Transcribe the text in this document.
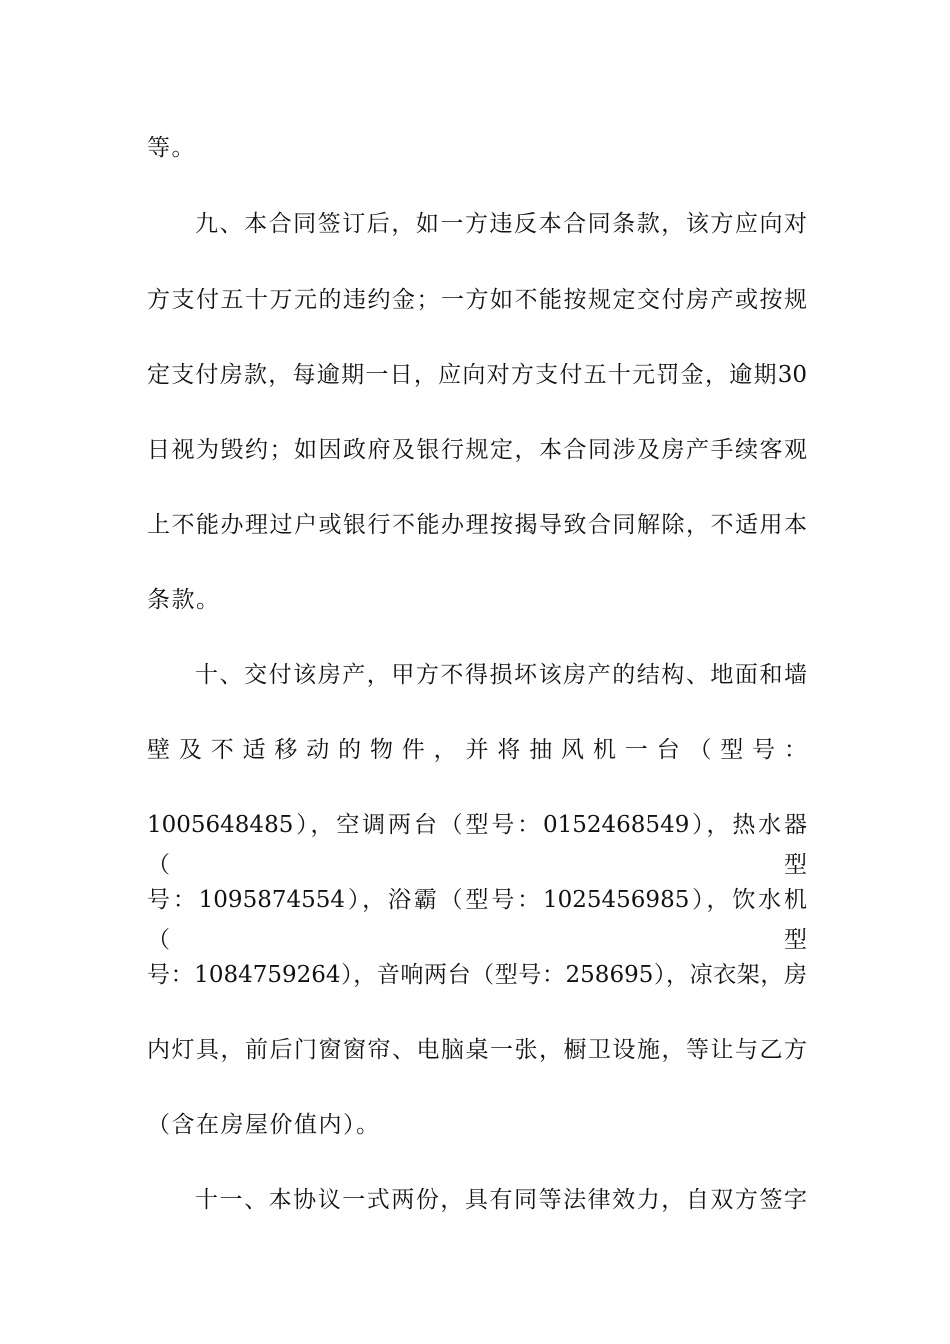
等。
九、本合同签订后，如一方违反本合同条款，该方应向对
方支付五十万元的违约金；一方如不能按规定交付房产或按规
定支付房款，每逾期一日，应向对方支付五十元罚金，逾期30
日视为毁约；如因政府及银行规定，本合同涉及房产手续客观
上不能办理过户或银行不能办理按揭导致合同解除，不适用本
条款。
十、交付该房产，甲方不得损坏该房产的结构、地面和墙
壁 及 不 适 移 动 的 物 件 ， 并 将 抽 风 机 一 台 （ 型 号 ：
1005648485），空调两台（型号：0152468549），热水器（型
号：1095874554），浴霸（型号：1025456985），饮水机（型
号：1084759264），音响两台（型号：258695），凉衣架，房
内灯具，前后门窗窗帘、电脑桌一张，橱卫设施，等让与乙方
（含在房屋价值内）。
十一、本协议一式两份，具有同等法律效力，自双方签字
